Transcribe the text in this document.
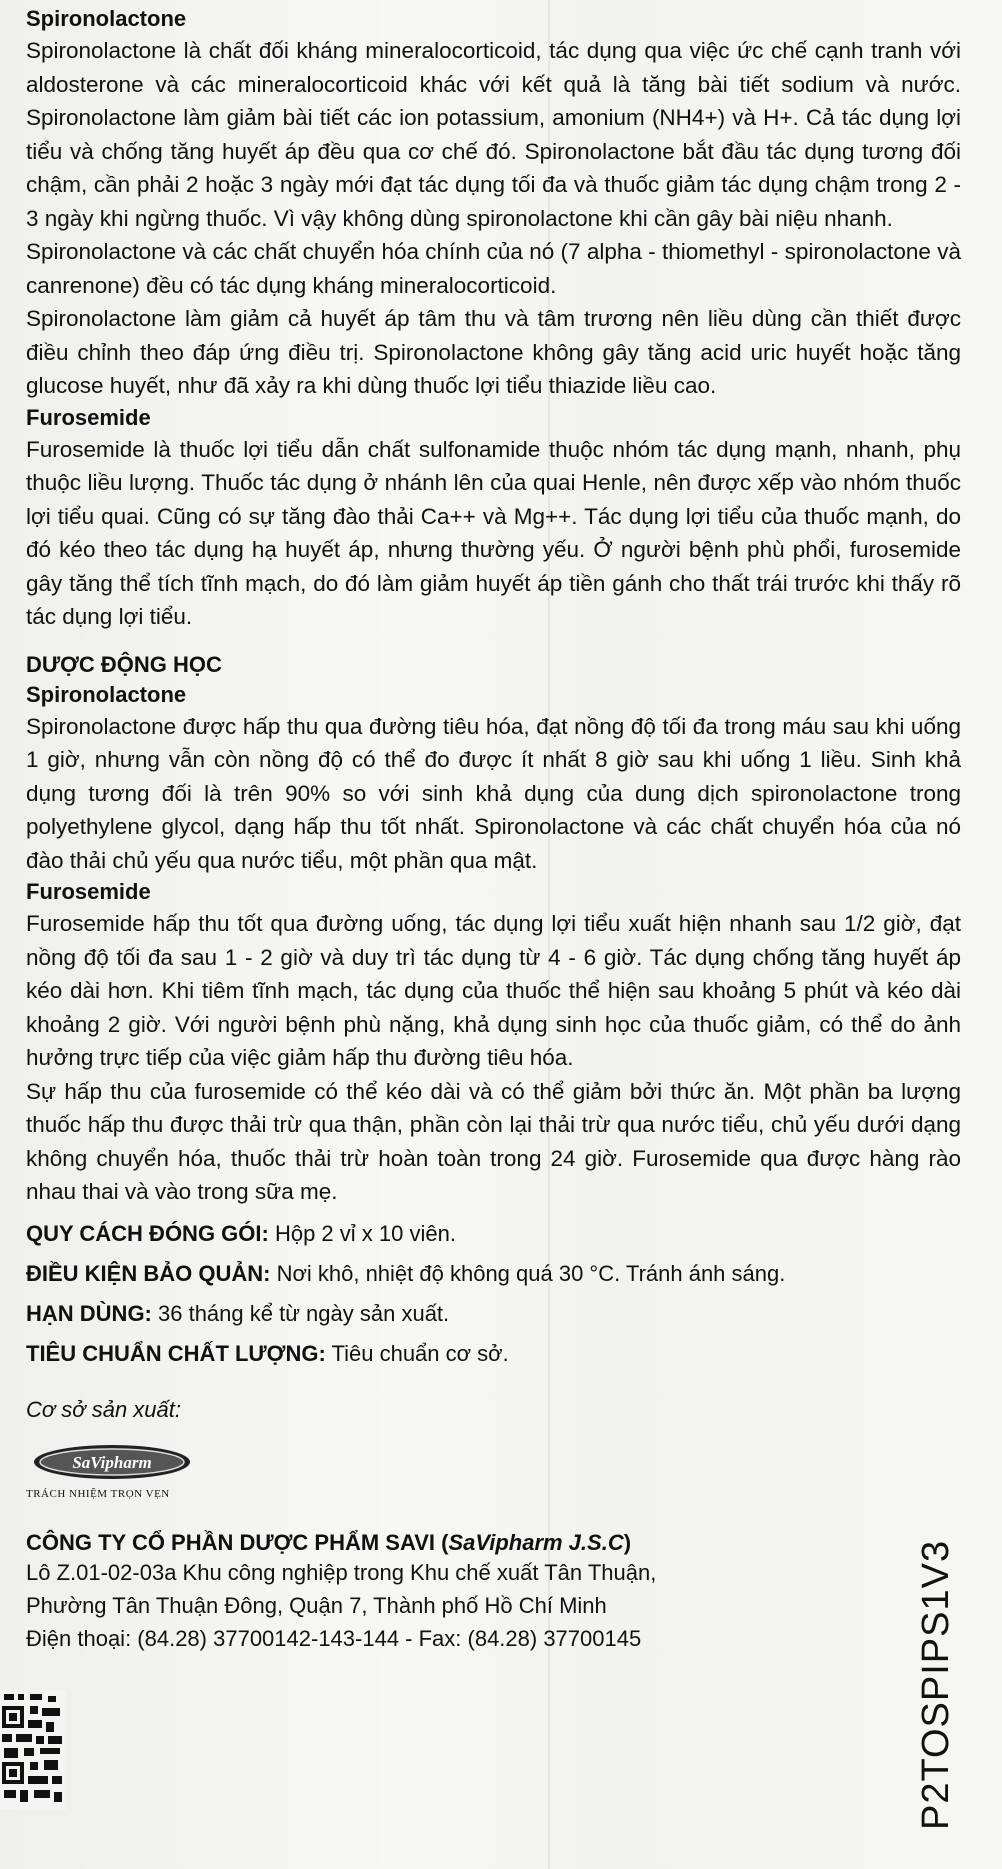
Spironolactone

Spironolactone là chất đối kháng mineralocorticoid, tác dụng qua việc ức chế cạnh tranh với aldosterone và các mineralocorticoid khác với kết quả là tăng bài tiết sodium và nước. Spironolactone làm giảm bài tiết các ion potassium, amonium (NH4+) và H+. Cả tác dụng lợi tiểu và chống tăng huyết áp đều qua cơ chế đó. Spironolactone bắt đầu tác dụng tương đối chậm, cần phải 2 hoặc 3 ngày mới đạt tác dụng tối đa và thuốc giảm tác dụng chậm trong 2 - 3 ngày khi ngừng thuốc. Vì vậy không dùng spironolactone khi cần gây bài niệu nhanh.

Spironolactone và các chất chuyển hóa chính của nó (7 alpha - thiomethyl - spironolactone và canrenone) đều có tác dụng kháng mineralocorticoid.

Spironolactone làm giảm cả huyết áp tâm thu và tâm trương nên liều dùng cần thiết được điều chỉnh theo đáp ứng điều trị. Spironolactone không gây tăng acid uric huyết hoặc tăng glucose huyết, như đã xảy ra khi dùng thuốc lợi tiểu thiazide liều cao.

Furosemide

Furosemide là thuốc lợi tiểu dẫn chất sulfonamide thuộc nhóm tác dụng mạnh, nhanh, phụ thuộc liều lượng. Thuốc tác dụng ở nhánh lên của quai Henle, nên được xếp vào nhóm thuốc lợi tiểu quai. Cũng có sự tăng đào thải Ca++ và Mg++. Tác dụng lợi tiểu của thuốc mạnh, do đó kéo theo tác dụng hạ huyết áp, nhưng thường yếu. Ở người bệnh phù phổi, furosemide gây tăng thể tích tĩnh mạch, do đó làm giảm huyết áp tiền gánh cho thất trái trước khi thấy rõ tác dụng lợi tiểu.

DƯỢC ĐỘNG HỌC

Spironolactone

Spironolactone được hấp thu qua đường tiêu hóa, đạt nồng độ tối đa trong máu sau khi uống 1 giờ, nhưng vẫn còn nồng độ có thể đo được ít nhất 8 giờ sau khi uống 1 liều. Sinh khả dụng tương đối là trên 90% so với sinh khả dụng của dung dịch spironolactone trong polyethylene glycol, dạng hấp thu tốt nhất. Spironolactone và các chất chuyển hóa của nó đào thải chủ yếu qua nước tiểu, một phần qua mật.

Furosemide

Furosemide hấp thu tốt qua đường uống, tác dụng lợi tiểu xuất hiện nhanh sau 1/2 giờ, đạt nồng độ tối đa sau 1 - 2 giờ và duy trì tác dụng từ 4 - 6 giờ. Tác dụng chống tăng huyết áp kéo dài hơn. Khi tiêm tĩnh mạch, tác dụng của thuốc thể hiện sau khoảng 5 phút và kéo dài khoảng 2 giờ. Với người bệnh phù nặng, khả dụng sinh học của thuốc giảm, có thể do ảnh hưởng trực tiếp của việc giảm hấp thu đường tiêu hóa.

Sự hấp thu của furosemide có thể kéo dài và có thể giảm bởi thức ăn. Một phần ba lượng thuốc hấp thu được thải trừ qua thận, phần còn lại thải trừ qua nước tiểu, chủ yếu dưới dạng không chuyển hóa, thuốc thải trừ hoàn toàn trong 24 giờ. Furosemide qua được hàng rào nhau thai và vào trong sữa mẹ.

QUY CÁCH ĐÓNG GÓI: Hộp 2 vỉ x 10 viên.

ĐIỀU KIỆN BẢO QUẢN: Nơi khô, nhiệt độ không quá 30 °C. Tránh ánh sáng.

HẠN DÙNG: 36 tháng kể từ ngày sản xuất.

TIÊU CHUẨN CHẤT LƯỢNG: Tiêu chuẩn cơ sở.

Cơ sở sản xuất:

SaVipharm

TRÁCH NHIỆM TRỌN VẸN

CÔNG TY CỔ PHẦN DƯỢC PHẨM SAVI (SaVipharm J.S.C)

Lô Z.01-02-03a Khu công nghiệp trong Khu chế xuất Tân Thuận,

Phường Tân Thuận Đông, Quận 7, Thành phố Hồ Chí Minh

Điện thoại: (84.28) 37700142-143-144 - Fax: (84.28) 37700145	P2TOSPIPS1V3
